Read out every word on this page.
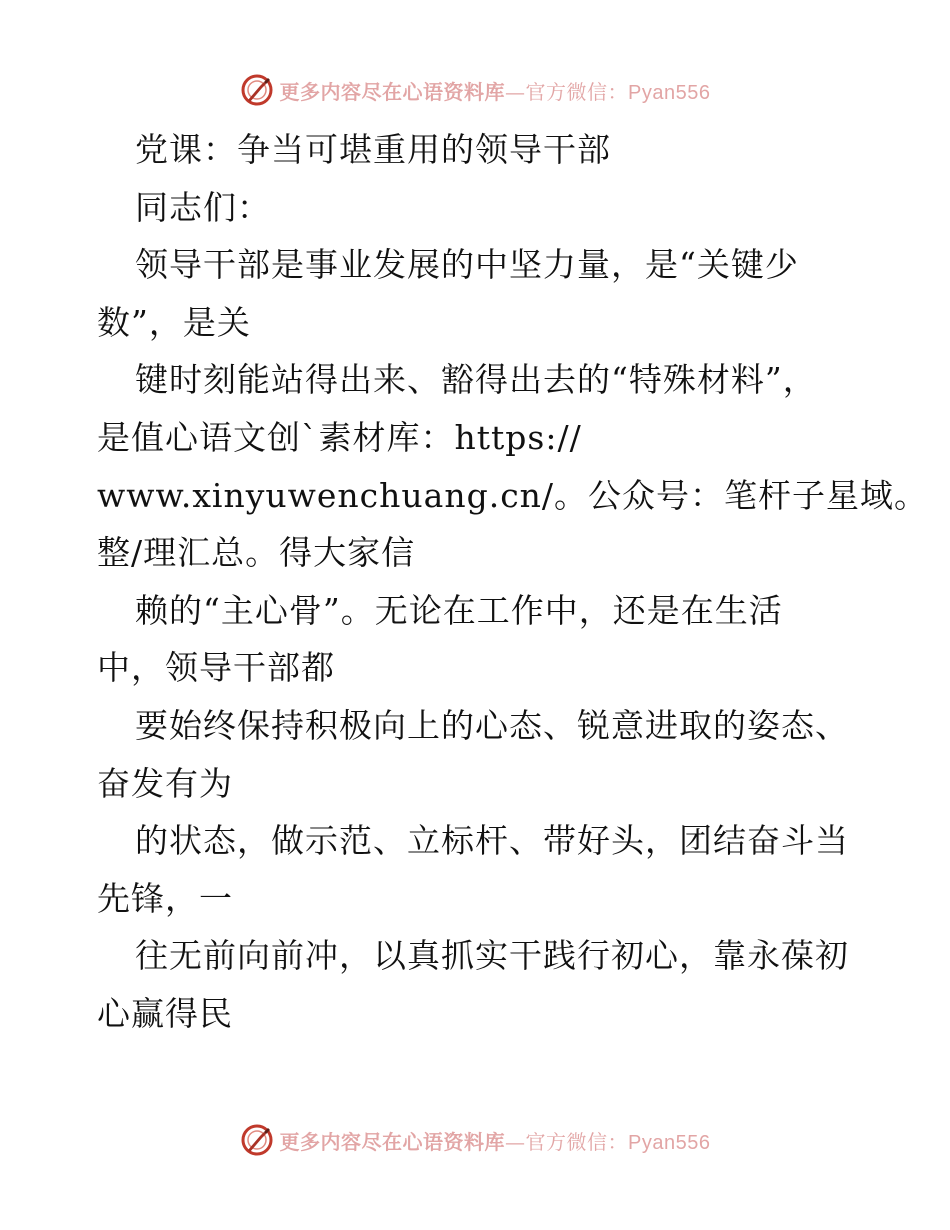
更多内容尽在心语资料库—官方微信：Pyan556
党课：争当可堪重用的领导干部
同志们：
领导干部是事业发展的中坚力量，是“关键少
数”，是关
键时刻能站得出来、豁得出去的“特殊材料”，
是值心语文创`素材库：https://
www.xinyuwenchuang.cn/。公众号：笔杆子星域。
整/理汇总。得大家信
赖的“主心骨”。无论在工作中，还是在生活
中，领导干部都
要始终保持积极向上的心态、锐意进取的姿态、
奋发有为
的状态，做示范、立标杆、带好头，团结奋斗当
先锋，一
往无前向前冲，以真抓实干践行初心，靠永葆初
心赢得民
更多内容尽在心语资料库—官方微信：Pyan556
